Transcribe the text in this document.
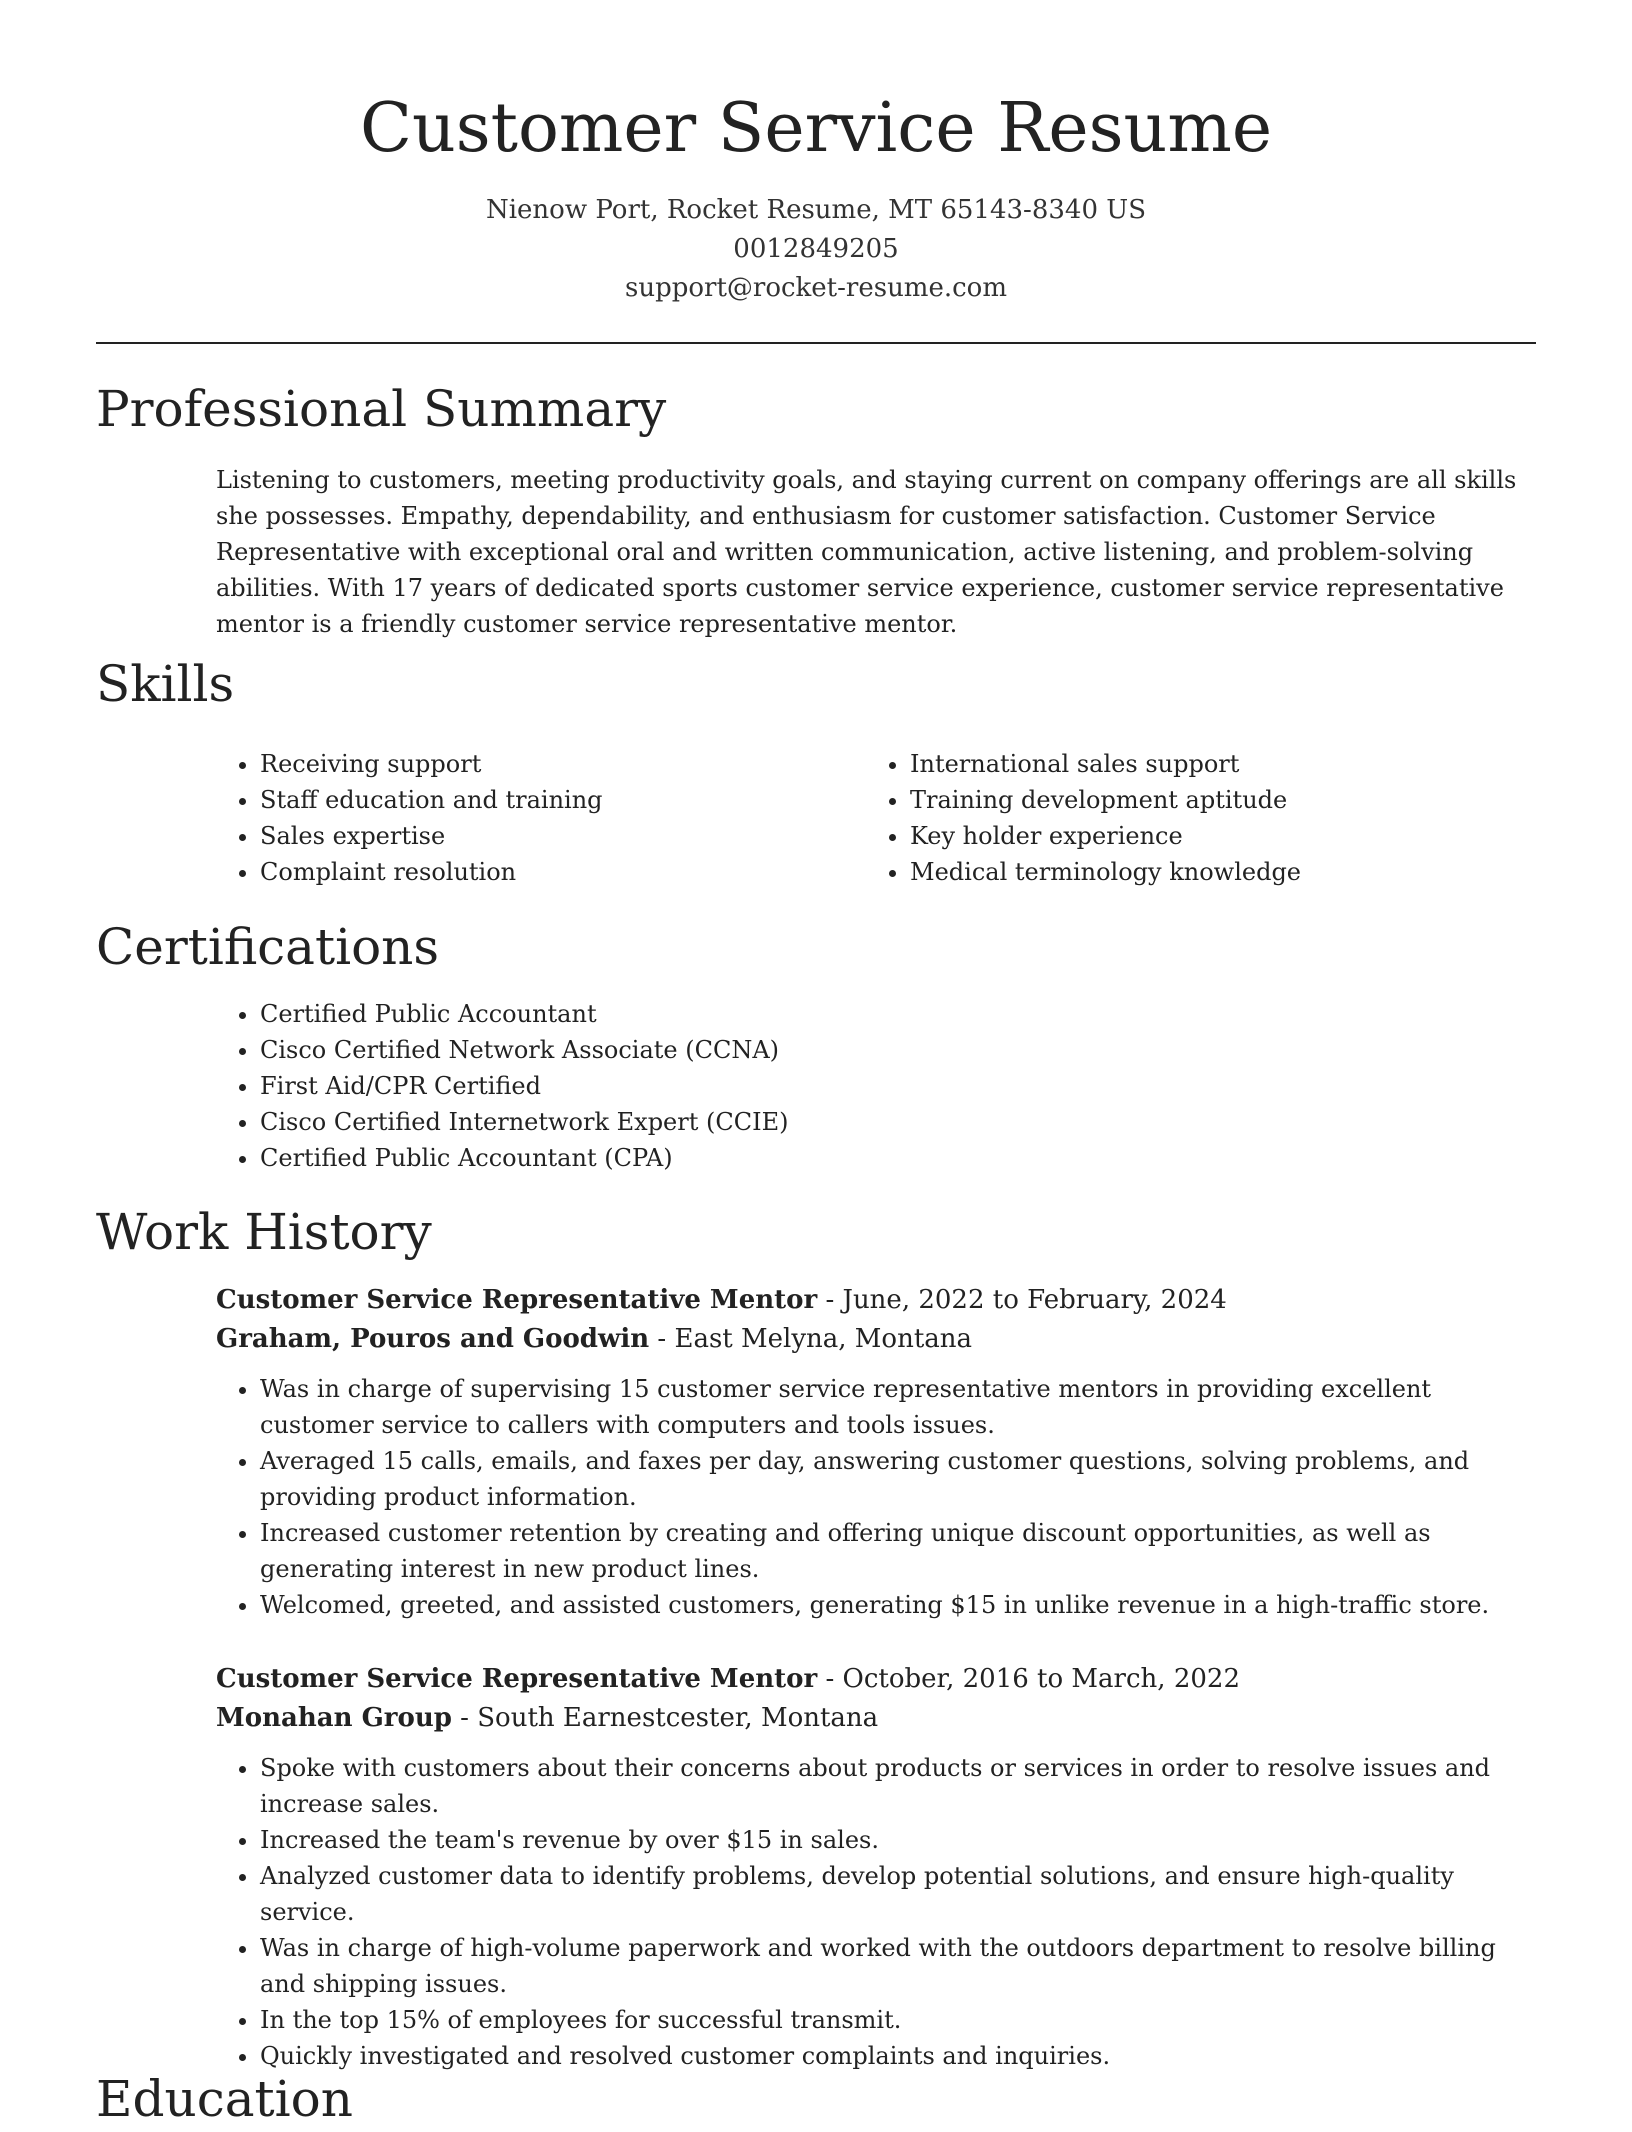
Customer Service Resume
Nienow Port, Rocket Resume, MT 65143-8340 US
0012849205
support@rocket-resume.com
Professional Summary

Listening to customers, meeting productivity goals, and staying current on company offerings are all skills she possesses. Empathy, dependability, and enthusiasm for customer satisfaction. Customer Service Representative with exceptional oral and written communication, active listening, and problem-solving abilities. With 17 years of dedicated sports customer service experience, customer service representative mentor is a friendly customer service representative mentor.

Skills
• Receiving support
• Staff education and training
• Sales expertise
• Complaint resolution
• International sales support
• Training development aptitude
• Key holder experience
• Medical terminology knowledge
Certifications
• Certified Public Accountant
• Cisco Certified Network Associate (CCNA)
• First Aid/CPR Certified
• Cisco Certified Internetwork Expert (CCIE)
• Certified Public Accountant (CPA)
Work History
Customer Service Representative Mentor - June, 2022 to February, 2024
Graham, Pouros and Goodwin - East Melyna, Montana
• Was in charge of supervising 15 customer service representative mentors in providing excellent customer service to callers with computers and tools issues.
• Averaged 15 calls, emails, and faxes per day, answering customer questions, solving problems, and providing product information.
• Increased customer retention by creating and offering unique discount opportunities, as well as generating interest in new product lines.
• Welcomed, greeted, and assisted customers, generating $15 in unlike revenue in a high-traffic store.
Customer Service Representative Mentor - October, 2016 to March, 2022
Monahan Group - South Earnestcester, Montana
• Spoke with customers about their concerns about products or services in order to resolve issues and increase sales.
• Increased the team's revenue by over $15 in sales.
• Analyzed customer data to identify problems, develop potential solutions, and ensure high-quality service.
• Was in charge of high-volume paperwork and worked with the outdoors department to resolve billing and shipping issues.
• In the top 15% of employees for successful transmit.
• Quickly investigated and resolved customer complaints and inquiries.
Education
